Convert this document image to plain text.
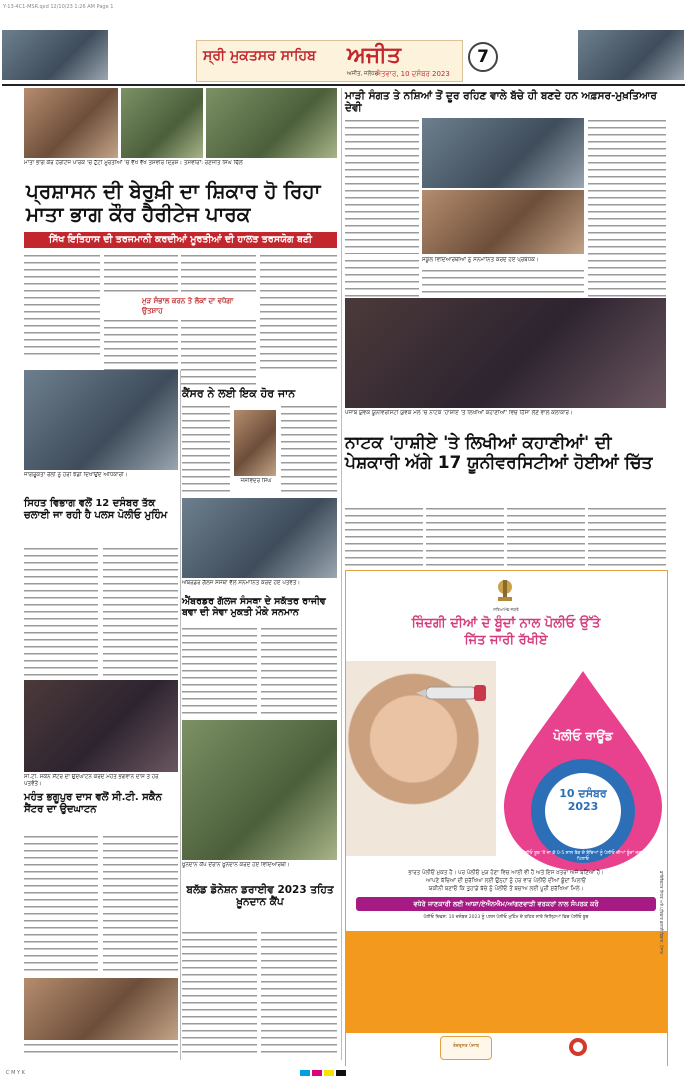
Y-13-4C1-MSR.qxd 12/10/23 1:26 AM Page 1
ਸ੍ਰੀ ਮੁਕਤਸਰ ਸਾਹਿਬ ਅਜੀਤ
ਅਜੀਤ, ਜਲੰਧਰ
ਐਤਵਾਰ, 10 ਦਸੰਬਰ 2023
7
ਮਾਤਾ ਭਾਗ ਕੌਰ ਹੈਰੀਟੇਜ ਪਾਰਕ 'ਚ ਟੁੱਟੀ ਮੂਰਤੀਆਂ 'ਚ ਵੱਖ ਵੱਖ ਤਸਵੀਰ ਦ੍ਰਿਸ਼। ਤਸਵੀਰਾਂ: ਰਣਜੀਤ ਸਿੰਘ ਢਿੱਲੋਂ
ਪ੍ਰਸ਼ਾਸਨ ਦੀ ਬੇਰੁਖ਼ੀ ਦਾ ਸ਼ਿਕਾਰ ਹੋ ਰਿਹਾ ਮਾਤਾ ਭਾਗ ਕੌਰ ਹੈਰੀਟੇਜ ਪਾਰਕ
ਸਿੱਖ ਇਤਿਹਾਸ ਦੀ ਤਰਜਮਾਨੀ ਕਰਦੀਆਂ ਮੂਰਤੀਆਂ ਦੀ ਹਾਲਤ ਤਰਸਯੋਗ ਬਣੀ
ਮੁੜ ਸੰਭਾਲ ਕਰਨ ਤੇ ਲੋਕਾਂ ਦਾ ਵਧੇਗਾ ਉਤਸ਼ਾਹ
ਕੈਂਸਰ ਨੇ ਲਈ ਇਕ ਹੋਰ ਜਾਨ
ਜਸਵਿੰਦਰ ਸਿੰਘ
ਜਾਗਰੂਕਤਾ ਰੈਲੀ ਨੂੰ ਹਰੀ ਝੰਡੀ ਦਿਖਾਉਂਦੇ ਅਧਿਕਾਰੀ।
ਸਿਹਤ ਵਿਭਾਗ ਵਲੋਂ 12 ਦਸੰਬਰ ਤੱਕ ਚਲਾਈ ਜਾ ਰਹੀ ਹੈ ਪਲਸ ਪੋਲੀਓ ਮੁਹਿੰਮ
ਐਂਬਰਡਰ ਗੱਲਜ ਸੰਸਥਾ ਵੱਲੋਂ ਸਨਮਾਨਿਤ ਕਰਦੇ ਹੋਏ ਪਤਵੰਤੇ।
ਐਂਬਰਡਰ ਗੱਲਜ ਸੰਸਥਾ ਦੇ ਸਕੱਤਰ ਰਾਜੀਵ ਬਵਾ ਦੀ ਸੇਵਾ ਮੁਕਤੀ ਮੌਕੇ ਸਨਮਾਨ
ਸੀ.ਟੀ. ਸਕੈਨ ਸੈਂਟਰ ਦਾ ਉਦਘਾਟਨ ਕਰਦੇ ਮਹੰਤ ਭਗਵਾਨ ਦਾਸ ਤੇ ਹੋਰ ਪਤਵੰਤੇ।
ਮਹੰਤ ਭਗੂਪੁਰ ਦਾਸ ਵਲੋਂ ਸੀ.ਟੀ. ਸਕੈਨ ਸੈਂਟਰ ਦਾ ਉਦਘਾਟਨ
ਖ਼ੂਨਦਾਨ ਕੈਂਪ ਦੌਰਾਨ ਖ਼ੂਨਦਾਨ ਕਰਦੇ ਹੋਏ ਵਿਦਿਆਰਥੀ।
ਬਲੱਡ ਡੋਨੇਸ਼ਨ ਡਰਾਈਵ 2023 ਤਹਿਤ ਖ਼ੂਨਦਾਨ ਕੈਂਪ
ਮਾੜੀ ਸੰਗਤ ਤੇ ਨਸ਼ਿਆਂ ਤੋਂ ਦੂਰ ਰਹਿਣ ਵਾਲੇ ਬੱਚੇ ਹੀ ਬਣਦੇ ਹਨ ਅਫ਼ਸਰ-ਮੁਖ਼ਤਿਆਰ ਦੇਵੀ
ਸਕੂਲ ਵਿਦਿਆਰਥੀਆਂ ਨੂੰ ਸਨਮਾਨਿਤ ਕਰਦੇ ਹੋਏ ਪ੍ਰਬੰਧਕ।
ਪੰਜਾਬ ਯੁਵਕ ਯੂਨੀਵਰਸਿਟੀ ਯੁਵਕ ਮੇਲੇ 'ਚ ਨਾਟਕ 'ਹਾਸ਼ੀਏ 'ਤੇ ਲਿਖੀਆਂ ਕਹਾਣੀਆਂ' ਵਿਚ ਹਿੱਸਾ ਲੈਣ ਵਾਲੇ ਕਲਾਕਾਰ।
ਨਾਟਕ 'ਹਾਸ਼ੀਏ 'ਤੇ ਲਿਖੀਆਂ ਕਹਾਣੀਆਂ' ਦੀ ਪੇਸ਼ਕਾਰੀ ਅੱਗੇ 17 ਯੂਨੀਵਰਸਿਟੀਆਂ ਹੋਈਆਂ ਚਿੱਤ
ਸਤਿਆਮੇਵ ਜਯਤੇ
ਜ਼ਿੰਦਗੀ ਦੀਆਂ ਦੋ ਬੂੰਦਾਂ ਨਾਲ ਪੋਲੀਓ ਉੱਤੇ ਜਿੱਤ ਜਾਰੀ ਰੱਖੀਏ
ਪੋਲੀਓ ਰਾਊਂਡ
10 ਦਸੰਬਰ 2023
ਪੋਲੀਓ ਬੂਥ 'ਤੇ ਜਾ ਕੇ 0-5 ਸਾਲ ਤੱਕ ਦੇ ਬੱਚਿਆਂ ਨੂੰ ਪੋਲੀਓ ਦੀਆਂ ਬੂੰਦਾਂ ਜ਼ਰੂਰ ਪਿਲਾਓ
ਭਾਰਤ ਪੋਲੀਓ ਮੁਕਤ ਹੈ। ਪਰ ਪੋਲੀਓ ਮੁੜ ਹੋਣਾ ਵਿਚ ਆਈ ਵੀ ਹੈ ਅਤੇ ਇਸ ਖ਼ਤਰਾ ਅਜੇ ਬਣਿਆ ਹੈ।
ਆਪਣੇ ਬੱਚਿਆਂ ਦੀ ਸੁਰੱਖਿਆ ਲਈ ਉਨ੍ਹਾਂ ਨੂੰ ਹਰ ਵਾਰ ਪੋਲੀਓ ਦੀਆਂ ਬੂੰਦਾਂ ਪਿਲਾਓ
ਯਕੀਨੀ ਬਣਾਓ ਕਿ ਤੁਹਾਡੇ ਬੱਚੇ ਨੂੰ ਪੋਲੀਓ ਤੋਂ ਬਚਾਅ ਲਈ ਪੂਰੀ ਸੁਰੱਖਿਆ ਮਿਲੇ।
ਵਧੇਰੇ ਜਾਣਕਾਰੀ ਲਈ ਆਸ਼ਾ/ਏਐਨਐਮ/ਆਂਗਣਵਾੜੀ ਵਰਕਰਾਂ ਨਾਲ ਸੰਪਰਕ ਕਰੋ
ਪੋਲੀਓ ਦਿਵਸ: 10 ਦਸੰਬਰ 2023 ਨੂੰ ਪਲਸ ਪੋਲੀਓ ਮੁਹਿੰਮ ਦੇ ਤਹਿਤ ਸਾਰੇ ਜ਼ਿਲ੍ਹਿਆਂ ਵਿਚ ਪੋਲੀਓ ਬੂਥ
ਤੰਦਰੁਸਤ ਪੰਜਾਬ
ਡਾਇਰੈਕਟਰ ਸਿਹਤ ਅਤੇ ਪਰਿਵਾਰ ਭਲਾਈ ਵਿਭਾਗ, ਪੰਜਾਬ
C M Y K
